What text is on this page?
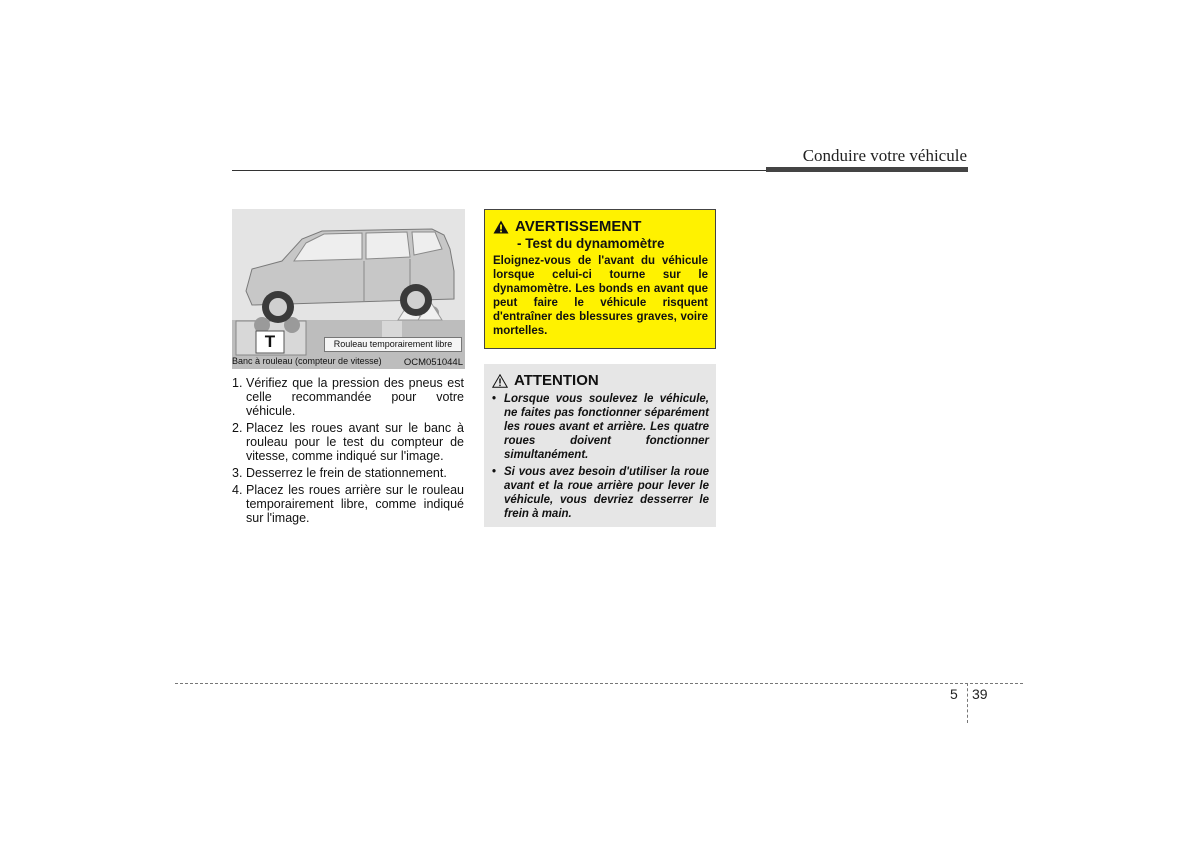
Conduire votre véhicule
T	Rouleau temporairement libre
Banc à rouleau (compteur de vitesse) OCM051044L
1. Vérifiez que la pression des pneus est celle recommandée pour votre véhicule.
2. Placez les roues avant sur le banc à rouleau pour le test du compteur de vitesse, comme indiqué sur l'image.
3. Desserrez le frein de stationnement.
4. Placez les roues arrière sur le rouleau temporairement libre, comme indiqué sur l'image.
AVERTISSEMENT
- Test du dynamomètre
Eloignez-vous de l'avant du véhicule lorsque celui-ci tourne sur le dynamomètre. Les bonds en avant que peut faire le véhicule risquent d'entraîner des blessures graves, voire mortelles.
ATTENTION
• Lorsque vous soulevez le véhicule, ne faites pas fonctionner séparément les roues avant et arrière. Les quatre roues doivent fonctionner simultanément.
• Si vous avez besoin d'utiliser la roue avant et la roue arrière pour lever le véhicule, vous devriez desserrer le frein à main.
5 39
